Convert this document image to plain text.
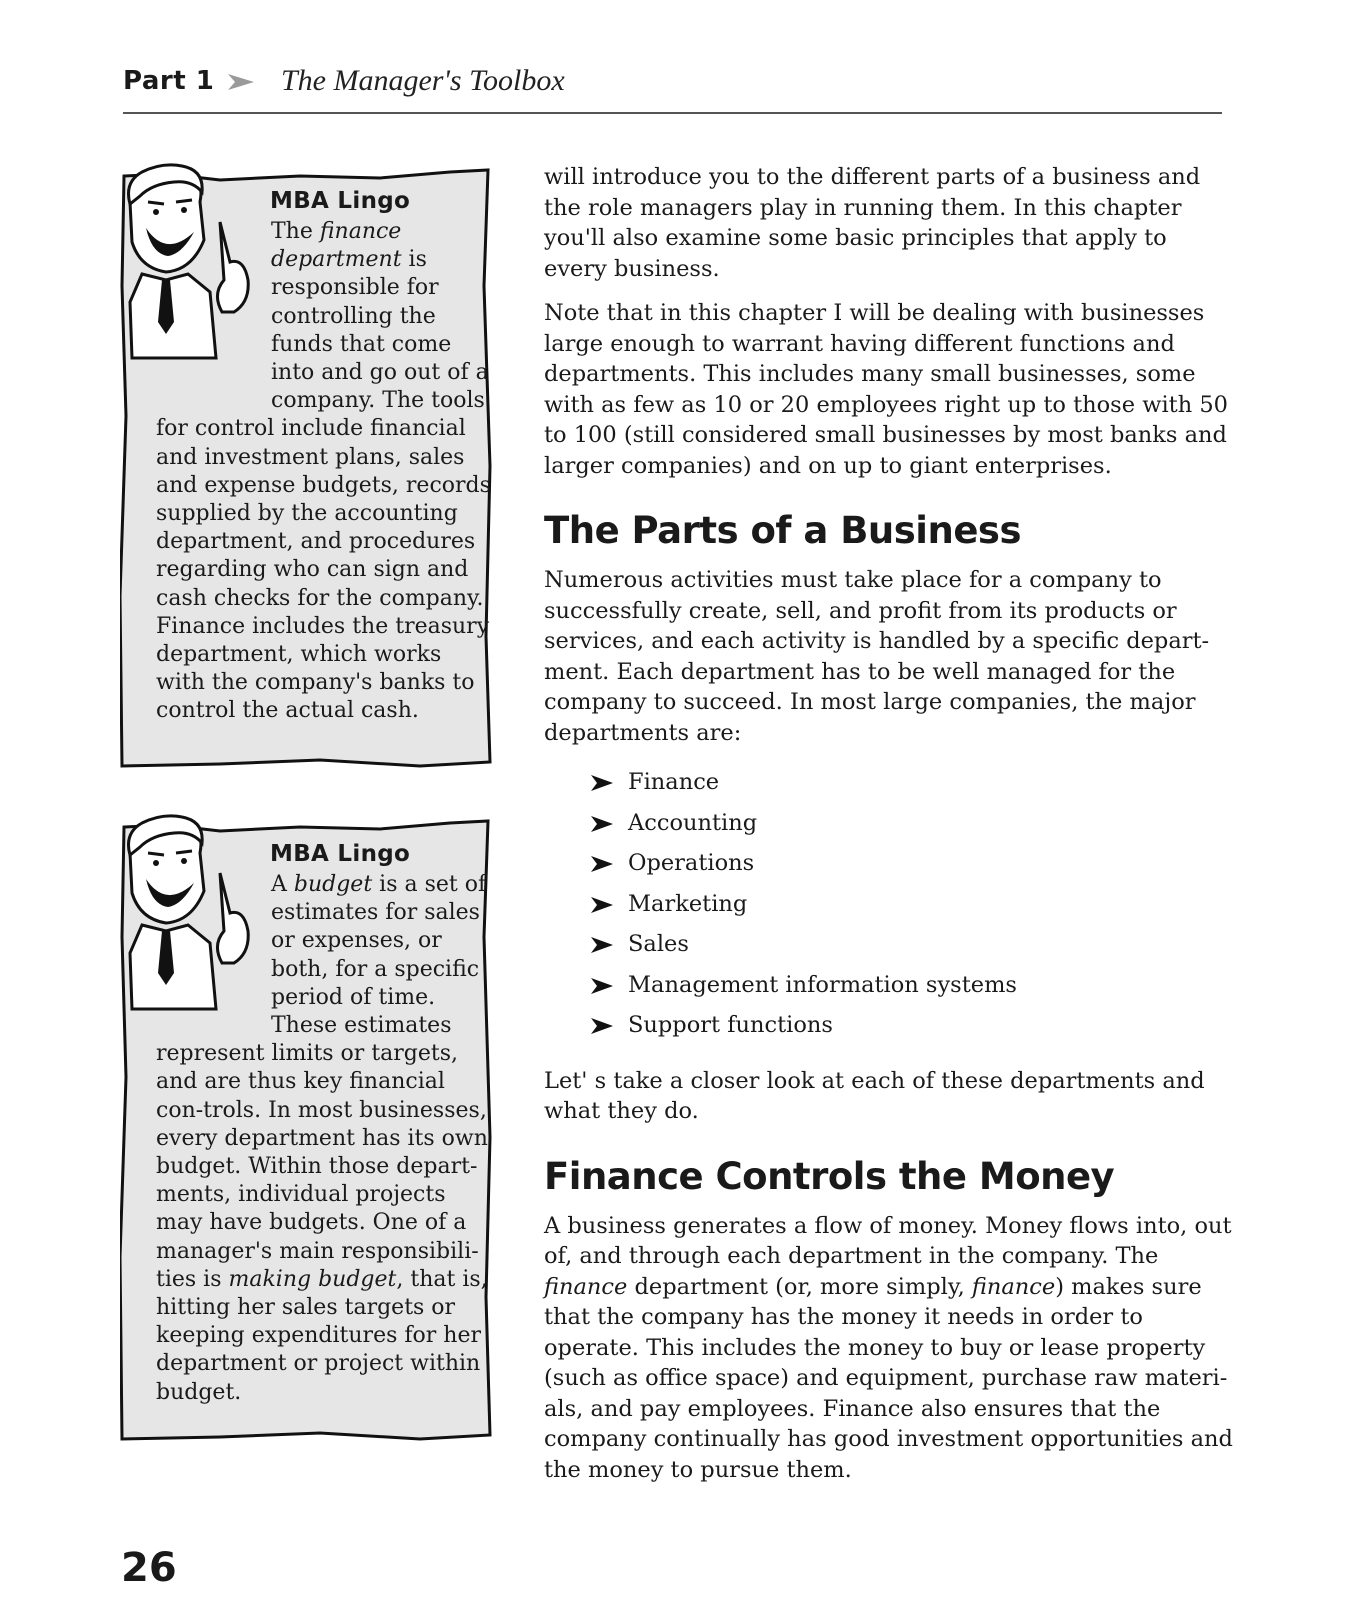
Part 1 The Manager's Toolbox
MBA Lingo

The finance department is responsible for controlling the funds that come into and go out of a company. The tools for control include financial and investment plans, sales and expense budgets, records supplied by the accounting department, and procedures regarding who can sign and cash checks for the company. Finance includes the treasury department, which works with the company's banks to control the actual cash.

MBA Lingo

A budget is a set of estimates for sales or expenses, or both, for a specific period of time. These estimates represent limits or targets, and are thus key financial con-trols. In most businesses, every department has its own budget. Within those depart-ments, individual projects may have budgets. One of a manager's main responsibili-ties is making budget, that is, hitting her sales targets or keeping expenditures for her department or project within budget.

will introduce you to the different parts of a business and the role managers play in running them. In this chapter you'll also examine some basic principles that apply to every business.

Note that in this chapter I will be dealing with businesses large enough to warrant having different functions and departments. This includes many small businesses, some with as few as 10 or 20 employees right up to those with 50 to 100 (still considered small businesses by most banks and larger companies) and on up to giant enterprises.

The Parts of a Business

Numerous activities must take place for a company to successfully create, sell, and profit from its products or services, and each activity is handled by a specific depart-ment. Each department has to be well managed for the company to succeed. In most large companies, the major departments are:

Finance
Accounting
Operations
Marketing
Sales
Management information systems
Support functions

Let' s take a closer look at each of these departments and what they do.

Finance Controls the Money

A business generates a flow of money. Money flows into, out of, and through each department in the company. The finance department (or, more simply, finance) makes sure that the company has the money it needs in order to operate. This includes the money to buy or lease property (such as office space) and equipment, purchase raw materi-als, and pay employees. Finance also ensures that the company continually has good investment opportunities and the money to pursue them.

26
